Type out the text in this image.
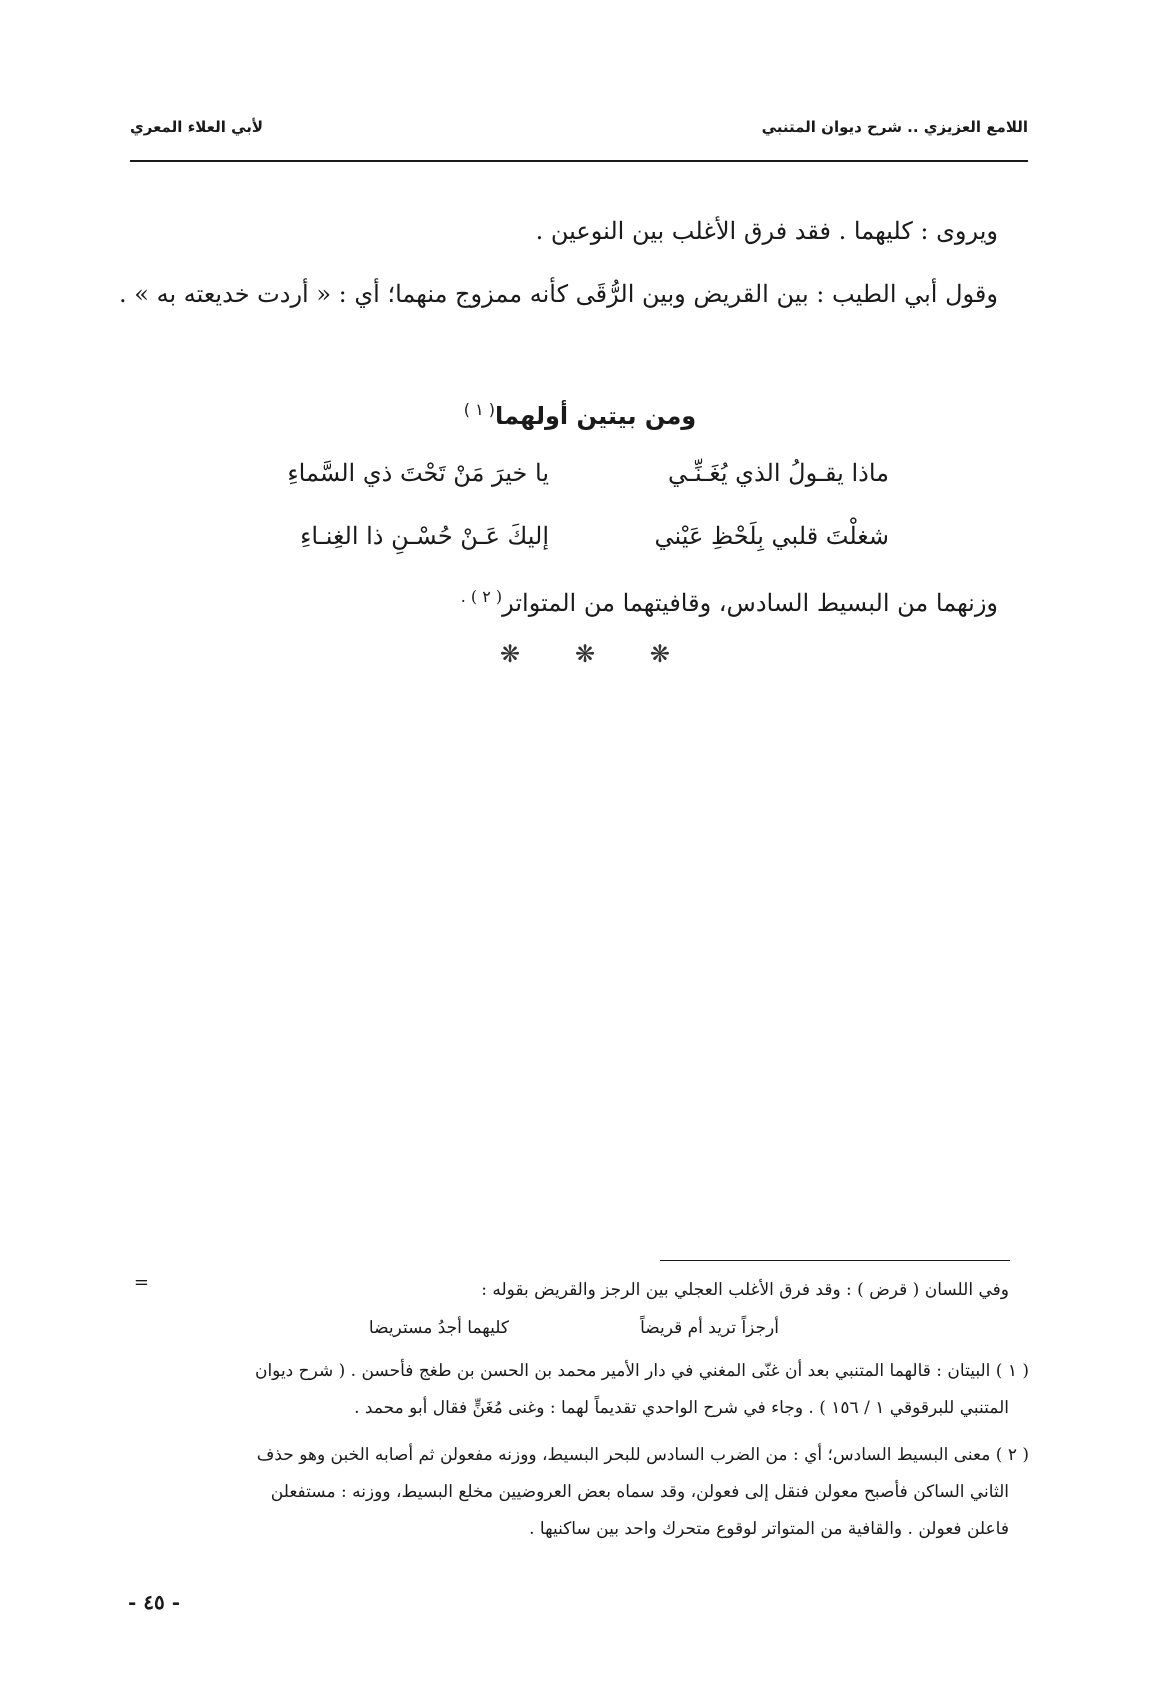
اللامع العزيزي .. شرح ديوان المتنبي
لأبي العلاء المعري
ويروى : كليهما . فقد فرق الأغلب بين النوعين .
وقول أبي الطيب : بين القريض وبين الرُّقَى كأنه ممزوج منهما؛ أي : « أردت خديعته به » .
ومن بيتين أولهما$^{( ١ )}$
ماذا يقـولُ الذي يُغَـنِّـي
يا خيرَ مَنْ تَحْتَ ذي السَّماءِ
شغلْتَ قلبي بِلَحْظِ عَيْني
إليكَ عَـنْ حُسْـنِ ذا الغِنـاءِ
وزنهما من البسيط السادس، وقافيتهما من المتواتر$^{( ٢ ) .}$
❋ ❋ ❋
=	وفي اللسان ( قرض ) : وقد فرق الأغلب العجلي بين الرجز والقريض بقوله :
أرجزاً تريد أم قريضاً
كليهما أجدُ مستريضا
( ١ ) البيتان : قالهما المتنبي بعد أن غنّى المغني في دار الأمير محمد بن الحسن بن طغج فأحسن . ( شرح ديوان
المتنبي للبرقوقي ١ / ١٥٦ ) . وجاء في شرح الواحدي تقديماً لهما : وغنى مُغَنٍّ فقال أبو محمد .
( ٢ ) معنى البسيط السادس؛ أي : من الضرب السادس للبحر البسيط، ووزنه مفعولن ثم أصابه الخبن وهو حذف
الثاني الساكن فأصبح معولن فنقل إلى فعولن، وقد سماه بعض العروضيين مخلع البسيط، ووزنه : مستفعلن
فاعلن فعولن . والقافية من المتواتر لوقوع متحرك واحد بين ساكنيها .
- ٤٥ -
